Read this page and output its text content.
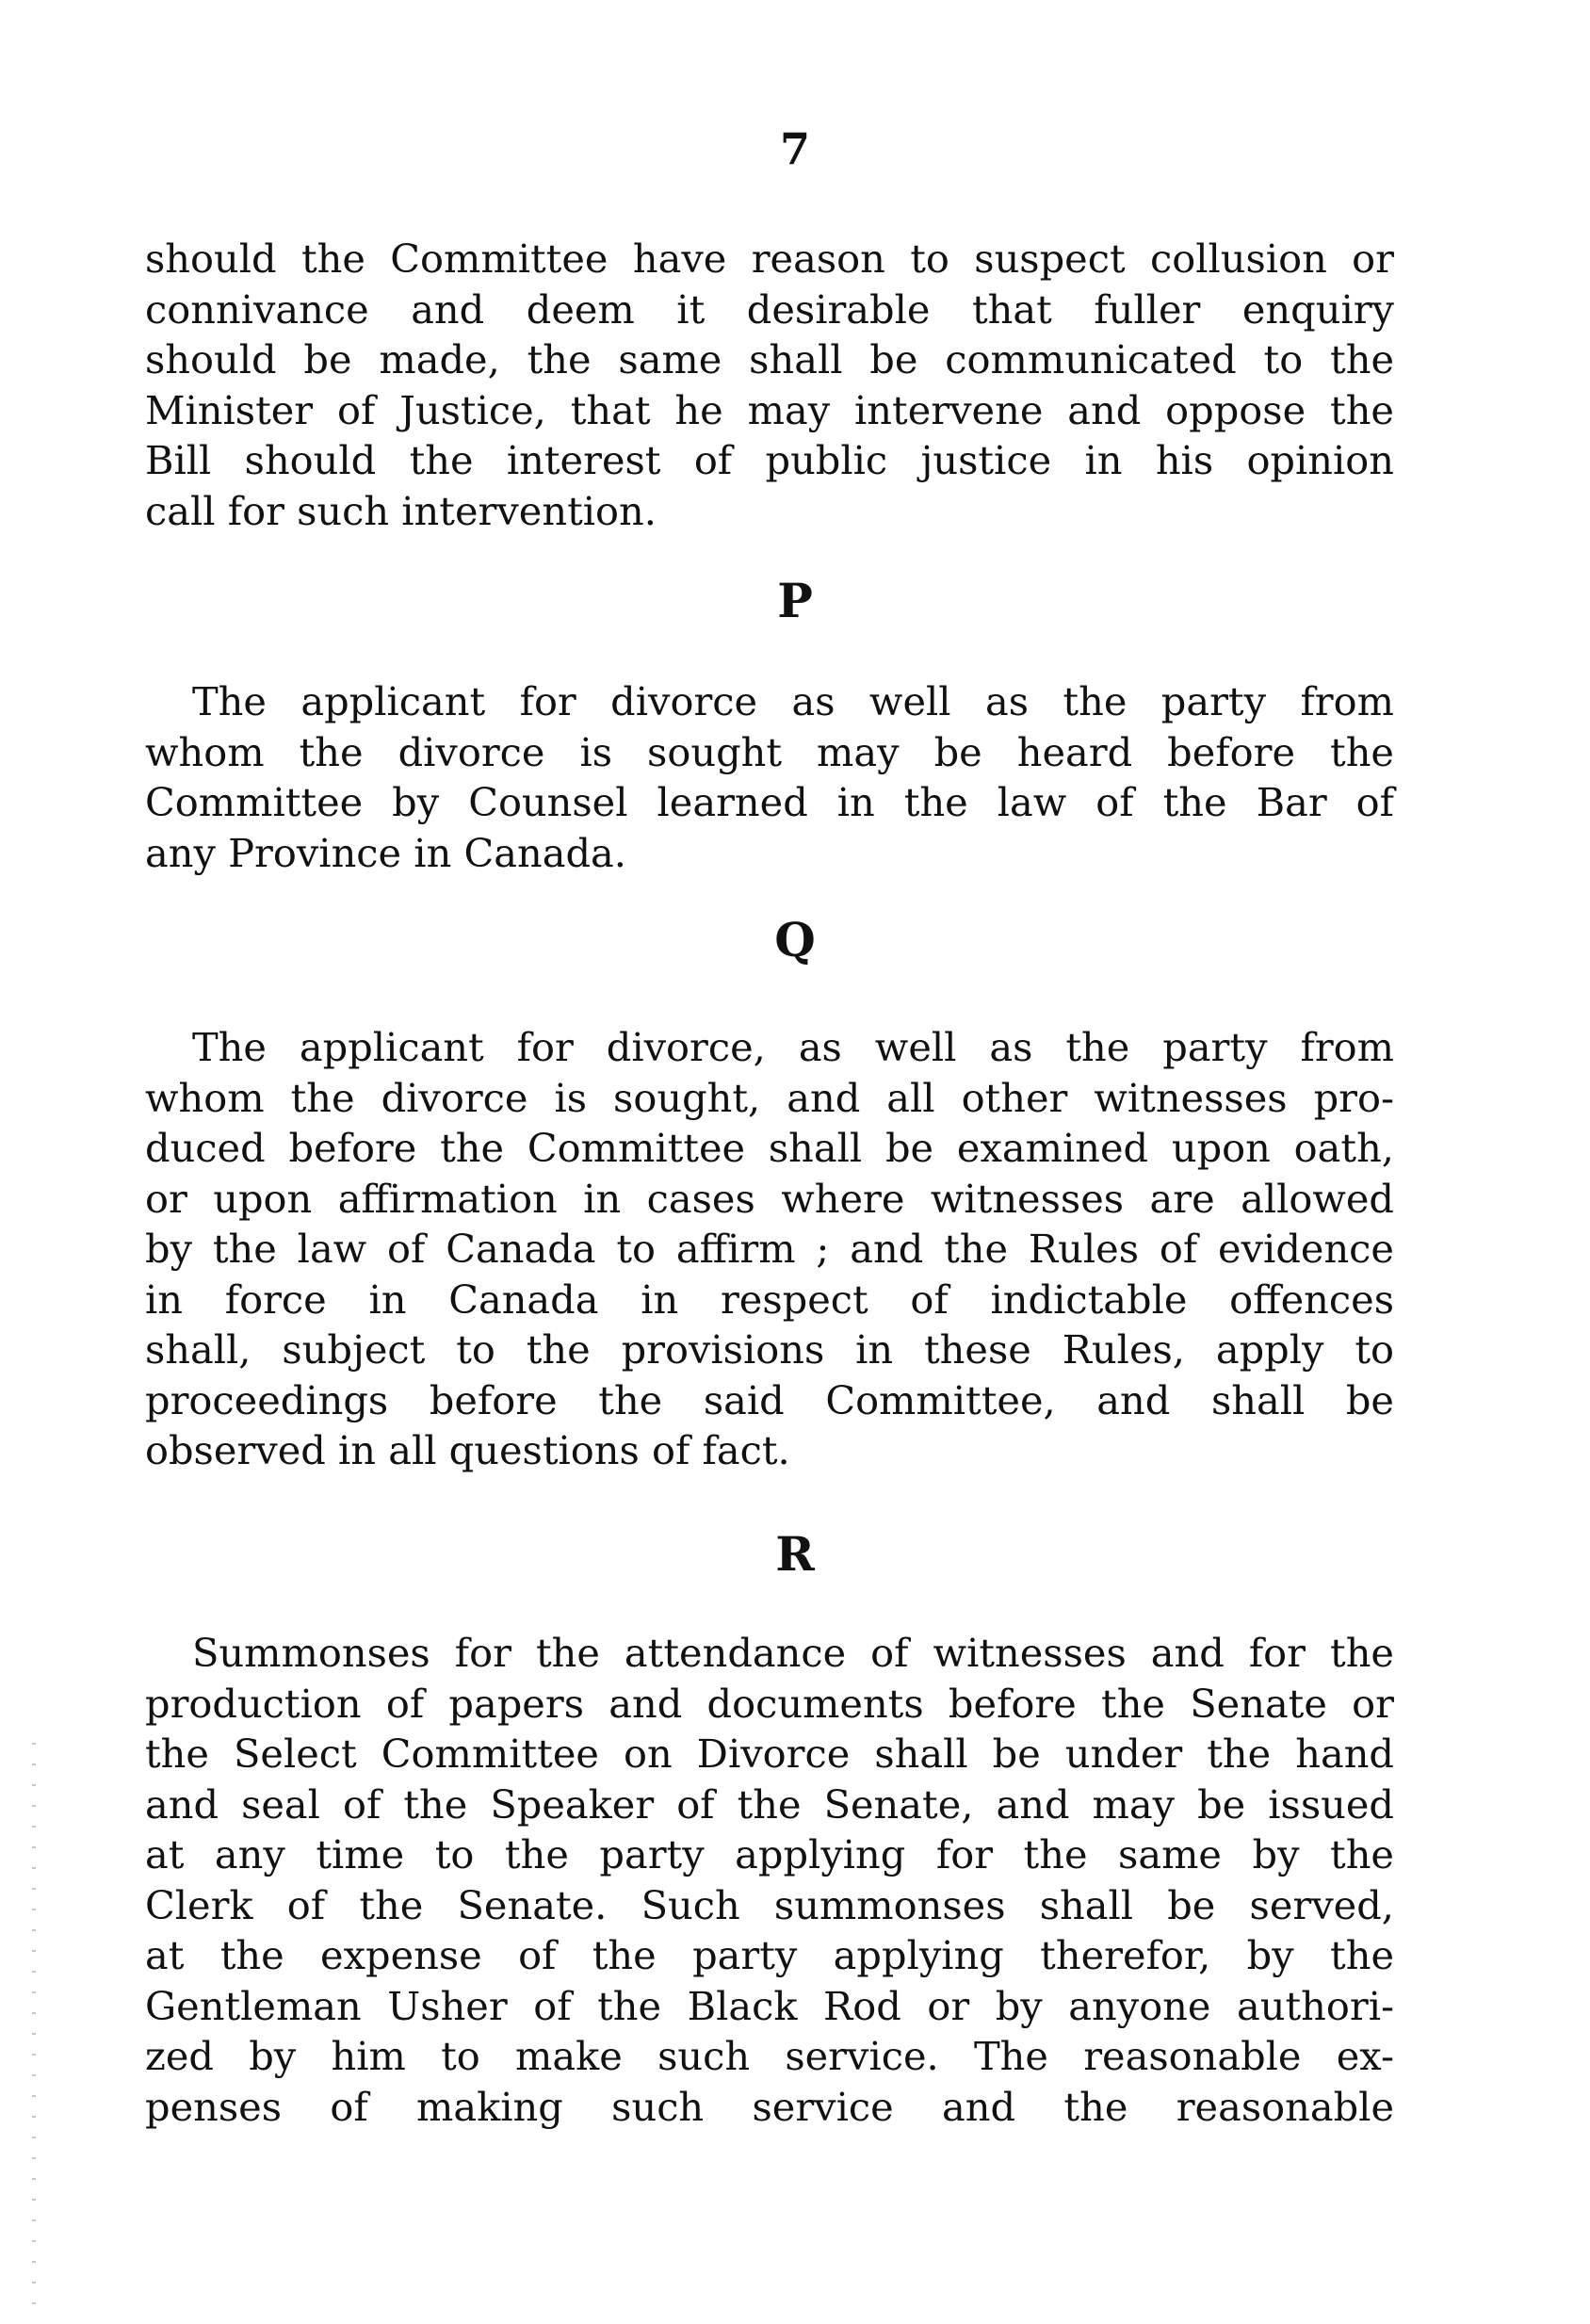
7

should the Committee have reason to suspect collusion or
connivance and deem it desirable that fuller enquiry
should be made, the same shall be communicated to the
Minister of Justice, that he may intervene and oppose the
Bill should the interest of public justice in his opinion
call for such intervention.

P

The applicant for divorce as well as the party from
whom the divorce is sought may be heard before the
Committee by Counsel learned in the law of the Bar of
any Province in Canada.

Q

The applicant for divorce, as well as the party from
whom the divorce is sought, and all other witnesses pro-
duced before the Committee shall be examined upon oath,
or upon affirmation in cases where witnesses are allowed
by the law of Canada to affirm ; and the Rules of evidence
in force in Canada in respect of indictable offences
shall, subject to the provisions in these Rules, apply to
proceedings before the said Committee, and shall be
observed in all questions of fact.

R

Summonses for the attendance of witnesses and for the
production of papers and documents before the Senate or
the Select Committee on Divorce shall be under the hand
and seal of the Speaker of the Senate, and may be issued
at any time to the party applying for the same by the
Clerk of the Senate. Such summonses shall be served,
at the expense of the party applying therefor, by the
Gentleman Usher of the Black Rod or by anyone authori-
zed by him to make such service. The reasonable ex-
penses of making such service and the reasonable
